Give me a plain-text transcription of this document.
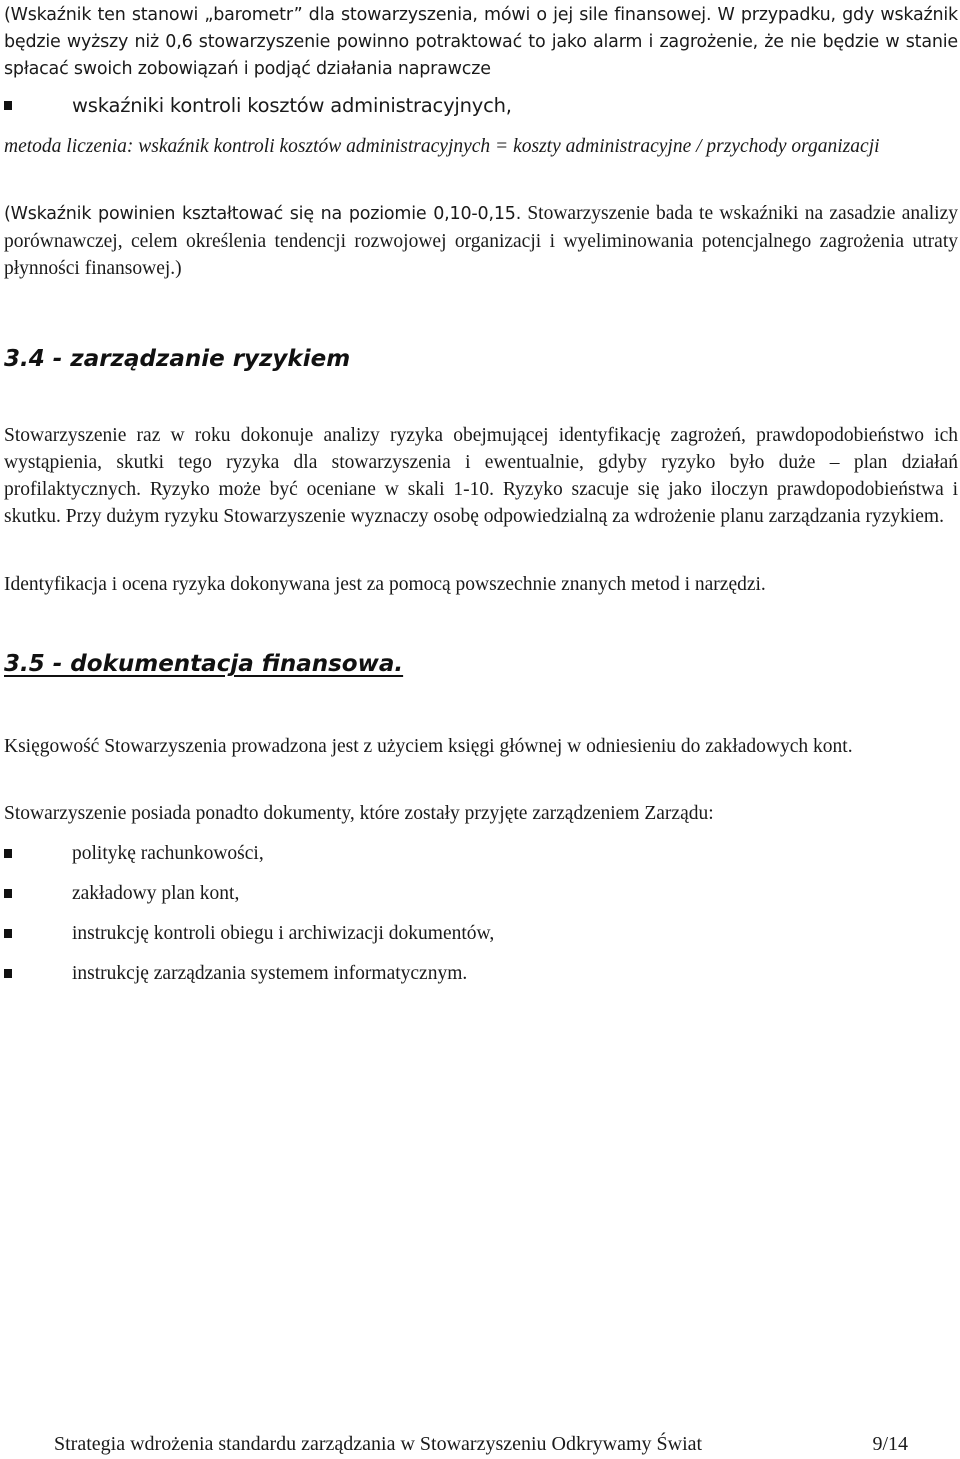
(Wskaźnik ten stanowi „barometr” dla stowarzyszenia, mówi o jej sile finansowej. W przypadku, gdy wskaźnik będzie wyższy niż 0,6 stowarzyszenie powinno potraktować to jako alarm i zagrożenie, że nie będzie w stanie spłacać swoich zobowiązań i podjąć działania naprawcze

wskaźniki kontroli kosztów administracyjnych,

metoda liczenia: wskaźnik kontroli kosztów administracyjnych = koszty administracyjne / przychody organizacji

(Wskaźnik powinien kształtować się na poziomie 0,10-0,15. Stowarzyszenie bada te wskaźniki na zasadzie analizy porównawczej, celem określenia tendencji rozwojowej organizacji i wyeliminowania potencjalnego zagrożenia utraty płynności finansowej.)

3.4 - zarządzanie ryzykiem

Stowarzyszenie raz w roku dokonuje analizy ryzyka obejmującej identyfikację zagrożeń, prawdopodobieństwo ich wystąpienia, skutki tego ryzyka dla stowarzyszenia i ewentualnie, gdyby ryzyko było duże – plan działań profilaktycznych. Ryzyko może być oceniane w skali 1-10. Ryzyko szacuje się jako iloczyn prawdopodobieństwa i skutku. Przy dużym ryzyku Stowarzyszenie wyznaczy osobę odpowiedzialną za wdrożenie planu zarządzania ryzykiem.

Identyfikacja i ocena ryzyka dokonywana jest za pomocą powszechnie znanych metod i narzędzi.

3.5 - dokumentacja finansowa.

Księgowość Stowarzyszenia prowadzona jest z użyciem księgi głównej w odniesieniu do zakładowych kont.

Stowarzyszenie posiada ponadto dokumenty, które zostały przyjęte zarządzeniem Zarządu:

politykę rachunkowości,
zakładowy plan kont,
instrukcję kontroli obiegu i archiwizacji dokumentów,
instrukcję zarządzania systemem informatycznym.
Strategia wdrożenia standardu zarządzania w Stowarzyszeniu Odkrywamy Świat	9/14
